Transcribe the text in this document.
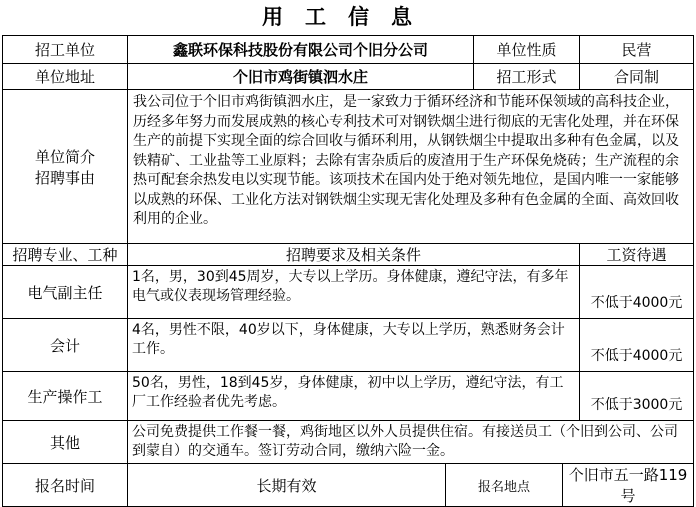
用工信息
招工单位	鑫联环保科技股份有限公司个旧分公司		单位性质		民营
单位地址	个旧市鸡街镇泗水庄		招工形式		合同制

单位简介
招聘事由	我公司位于个旧市鸡街镇泗水庄，是一家致力于循环经济和节能环保领域的高科技企业，历经多年努力而发展成熟的核心专利技术可对钢铁烟尘进行彻底的无害化处理，并在环保生产的前提下实现全面的综合回收与循环利用，从钢铁烟尘中提取出多种有色金属，以及铁精矿、工业盐等工业原料；去除有害杂质后的废渣用于生产环保免烧砖；生产流程的余热可配套余热发电以实现节能。该项技术在国内处于绝对领先地位，是国内唯一一家能够以成熟的环保、工业化方法对钢铁烟尘实现无害化处理及多种有色金属的全面、高效回收利用的企业。				
招聘专业、工种	招聘要求及相关条件				工资待遇
电气副主任	1名，男，30到45周岁，大专以上学历。身体健康，遵纪守法，有多年电气或仪表现场管理经验。				不低于4000元
会计	4名，男性不限，40岁以下，身体健康，大专以上学历，熟悉财务会计工作。				不低于4000元
生产操作工	50名，男性，18到45岁，身体健康，初中以上学历，遵纪守法，有工厂工作经验者优先考虑。				不低于3000元
其他	公司免费提供工作餐一餐，鸡街地区以外人员提供住宿。有接送员工（个旧到公司、公司到蒙自）的交通车。签订劳动合同，缴纳六险一金。				
报名时间	长期有效	报名地点		个旧市五一路119号	
